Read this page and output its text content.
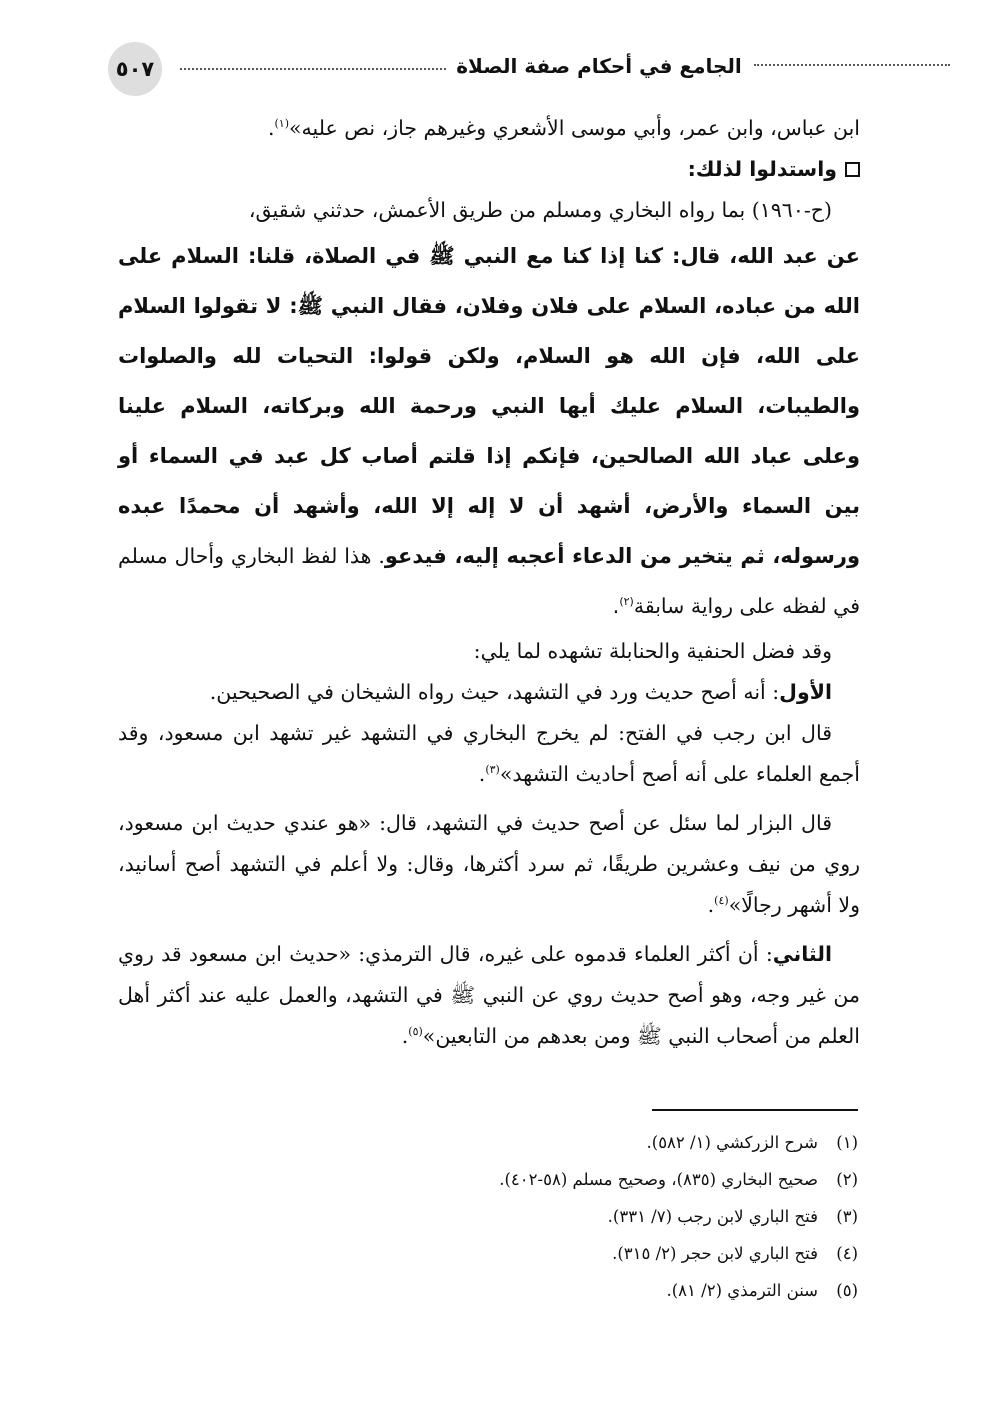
الجامع في أحكام صفة الصلاة
٥٠٧

ابن عباس، وابن عمر، وأبي موسى الأشعري وغيرهم جاز، نص عليه»$^{(١)}$.

واستدلوا لذلك:

(ح-١٩٦٠) بما رواه البخاري ومسلم من طريق الأعمش، حدثني شقيق،

عن عبد الله، قال: كنا إذا كنا مع النبي ﷺ في الصلاة، قلنا: السلام على الله من عباده، السلام على فلان وفلان، فقال النبي ﷺ: لا تقولوا السلام على الله، فإن الله هو السلام، ولكن قولوا: التحيات لله والصلوات والطيبات، السلام عليك أيها النبي ورحمة الله وبركاته، السلام علينا وعلى عباد الله الصالحين، فإنكم إذا قلتم أصاب كل عبد في السماء أو بين السماء والأرض، أشهد أن لا إله إلا الله، وأشهد أن محمدًا عبده ورسوله، ثم يتخير من الدعاء أعجبه إليه، فيدعو. هذا لفظ البخاري وأحال مسلم في لفظه على رواية سابقة$^{(٢)}$.

وقد فضل الحنفية والحنابلة تشهده لما يلي:

الأول: أنه أصح حديث ورد في التشهد، حيث رواه الشيخان في الصحيحين.

قال ابن رجب في الفتح: لم يخرج البخاري في التشهد غير تشهد ابن مسعود، وقد أجمع العلماء على أنه أصح أحاديث التشهد»$^{(٣)}$.

قال البزار لما سئل عن أصح حديث في التشهد، قال: «هو عندي حديث ابن مسعود، روي من نيف وعشرين طريقًا، ثم سرد أكثرها، وقال: ولا أعلم في التشهد أصح أسانيد، ولا أشهر رجالًا»$^{(٤)}$.

الثاني: أن أكثر العلماء قدموه على غيره، قال الترمذي: «حديث ابن مسعود قد روي من غير وجه، وهو أصح حديث روي عن النبي ﷺ في التشهد، والعمل عليه عند أكثر أهل العلم من أصحاب النبي ﷺ ومن بعدهم من التابعين»$^{(٥)}$.

(١)
شرح الزركشي (١/ ٥٨٢).
(٢)
صحيح البخاري (٨٣٥)، وصحيح مسلم (٥٨-٤٠٢).
(٣)
فتح الباري لابن رجب (٧/ ٣٣١).
(٤)
فتح الباري لابن حجر (٢/ ٣١٥).
(٥)
سنن الترمذي (٢/ ٨١).
